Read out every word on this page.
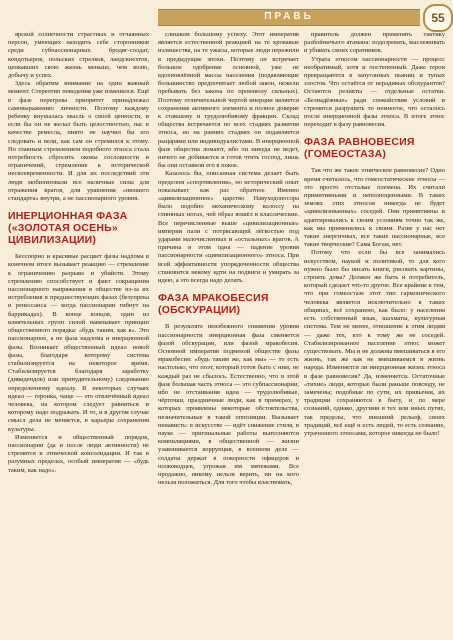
ПРАВЬ	55

ярской солнечности страстных и отчаянных персон, умеющих находить себе сторонников среди субпассионарных бродяг-солдат, кондотьеров, польских стрелков, ландскнехтов, цепкавших свою жизнь меньше, чем волю, добычу и успех.

Здесь обратим внимание на один важный момент. Стереотип поведения уже изменился. Ещё в фазе перегрева приоритет принадлежал самовыражению личности. Поэтому каждому ребенку внушалась мысль о своей ценности, и если бы он не желал быть целостностью, пас в качестве ремесла, никто не научил бы его следовать и вели, как сам он стремился к этому. Но главным стремлением подобного этноса стала потребность сбросить оковы сословности и ограничений, стремление к исторической несвоевременности. И для их последствий эти люди мобилизовали все наличные силы для отражения врагов, для уравнения «низшего стандарта» внутри, а не пассионарного уровня.

ИНЕРЦИОННАЯ ФАЗА («ЗОЛОТАЯ ОСЕНЬ» ЦИВИЛИЗАЦИИ)

Бесспорно и красивые расцвет фазы надлома в конечном итоге вызывает реакцию — стремление к ограничению разрыва и убийств. Этому стремлению способствует и факт сокращения пассионарного напряжения в обществе из-за их истребления в предшествующих фазах (безупрека и ренессанса — когда пассионарии гибнут на баррикадах). В конце концов, один из влиятельных групп силой навязывает принцип общественного порядка: «будь таким, как я». Это пассионарное, а не фаза надлома и инерционной фазы. Возникает общественный идеал новой фазы, благодаря которому система стабилизируется на некоторое время. Стабилизируется благодаря заработку (дивидендов) или принудительному) следованию определенному идеалу. В некоторых случаях идеал — героика, чаще — это отвлечённый идеал человека, на котором следует равняться и которому надо подражать. И то, и в другом случае смысл дела не меняется, в карьеры сохранения культуры.

Изменяется и общественный порядок, пассионарии (да и после люди активности) не стремятся к этнической консолидации. И так в разумных пределах, особый императив — «будь таким, как надо».

слишком большому успеху. Этот императив является естественной реакцией на те кровавые излишества, на те ужасы, которые люди пережили в предыдущие эпохи. Поэтому он встречает большое одобрение основной, уже не вдохновлённой массы населения (подавляющие большинство предпочитает любой закон, нежели пребывать без закона по произволу сильных). Поэтому отличительной чертой инерции является сохранение активного элемента и полное доверие к ставшему и трудолюбивому фракции. Склад общества встречается по всех стадиях развития этноса, но на ранних стадиях он подавляется рыцарями или индивидуалистами. В инерционной фазе общества ломают, ибо он никуда не ведет, ничего не добивается и готов чтить господ, лишь бы они оставили его в покое.

Казалось бы, описанная система делает быть пределом «спортивления», но исторический опыт показывает как раз обратное. Именно «цивилизационное» царство Навуходоносора было подобно механическому колоссу на глиняных ногах, чей образ вошёл в классические. Все перечисленные выше «цивилизационные» империи пали с потрясающей лёгкостью под ударами малочисленных и «остальных» врагов. А причина в этом одна — падение уровня пассионарности «цивилизационного» этноса. При всей эффективности упорядоченности общества становится некому идти на подвиги и умирать за идею, а это всегда надо делать.

ФАЗА МРАКОБЕСИЯ (ОБСКУРАЦИИ)

В результате неизбежного снижения уровня пассионарности инерционная фаза сменяется фазой обскурации, или фазой мракобесия. Основной императив подменой обществе фазы мракобесия: «будь таким же, как мы» — то есть настолько, что поэт, который готов быть с ним, не каждый раз не сбылось. Естественно, что в этой фазе большая часть этноса — это субпассионарии, ибо не отстаивания идеи — трудолюбивые, чёрточки, праздничные люди, как в примерах, у которых проявлены некоторые обстоятельства, незначительные в такой оппозиции. Вызывает ненависть: в искусстве — идёт снижение стиля, в науке — оригинальные работы вытесняются компиляциями, в общественной — жизни узаконивается коррупция, в военном деле — солдаты держат в покорности офицеров и полководцев, угрожая им мятежами. Все продажно, никому нельзя верить, ни на кого нельзя положиться. Для того чтобы властвовать,

правитель должен применять тактику разбойничьего атамана: подозревать, выслеживать и убивать своих соратников.

Утрата этносом пассионарности — процесс необратимый, хотя и постепенный. Даже герои превращаются в запуганных пьяниц и тупых злостов. Что остаётся от нерадивых обскурантов? Остаются реликты — отдельные остатки. «Безнадёжные» ради спокойствия условий и стремятся разрушить то немногое, что осталось после инерционной фазы этноса. В итоге этнос переходит в фазу равновесия.

ФАЗА РАВНОВЕСИЯ (ГОМЕОСТАЗА)

Так что же такое этническое равновесие? Одно время считалось, что гомеостатические этносы — это просто отсталые племена. Их считали примитивными и неполноценными. В таких землях этих этносов никогда не будет «цивилизованных» соседей. Они примитивны и адаптировались к своим условиям точно так же, как мы применились к своим. Разве у нас нет такие энергичных, все такие пассионарные, все такие творческие? Сама Богам, нет.

Потому что если бы все занимались искусством, наукой и политикой, то для кого нужно было бы писать книги, рисовать картины, строить дома? Должен же быть и потребитель, который сделает что-то другое. Все крайние к тем, что при гомеостазе этот тип гармонического человека является исключительно в таких общинах, всё сохранено, как было: у населения есть собственный язык, шахматы, культурная система. Тем не менее, отношение к этим людям — даже тех, кто к тому же не соседей. Стабилизированное население этнос может существовать. Мы и не должны вмешиваться в его жизнь, так же как не вмешиваемся в жизнь народа. Изменяется ли инерционная жизнь этноса в фазе равновесия? Да, изменяется. Остаточные «тихие» люди, которые были раньше повсюду, не замечены; подобные по сути, их привычки, их традиции сохраняются в быту, и по мере сознаний, однако, другими в тех или иных путях, так пределы, что внешний рельеф, своих традиций, всё ещё и есть людей, то есть сознание, утраченного этносами, которое никогда не было!
